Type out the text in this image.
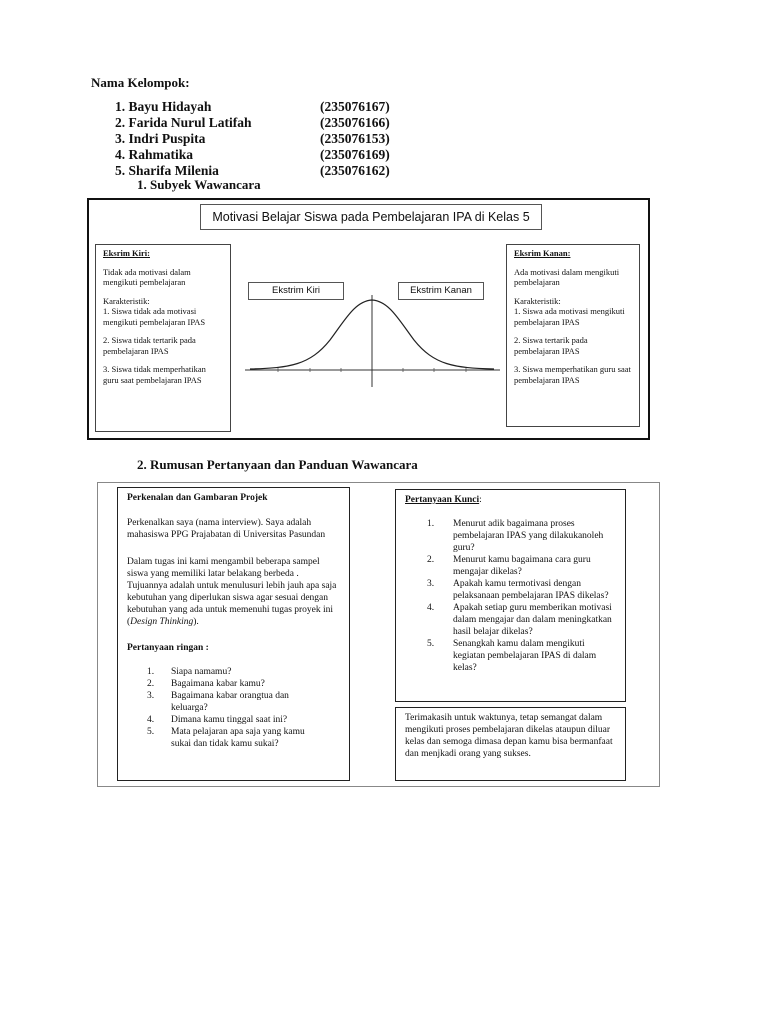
Nama Kelompok:
1. Bayu Hidayah	(235076167)
2. Farida Nurul Latifah	(235076166)
3. Indri Puspita	(235076153)
4. Rahmatika	(235076169)
5. Sharifa Milenia	(235076162)
1. Subyek Wawancara
Motivasi Belajar Siswa pada Pembelajaran IPA di Kelas 5

Eksrim Kiri:

Tidak ada motivasi dalam mengikuti pembelajaran

Karakteristik:

1. Siswa tidak ada motivasi mengikuti pembelajaran IPAS

2. Siswa tidak tertarik pada pembelajaran IPAS

3. Siswa tidak memperhatikan guru saat pembelajaran IPAS

Eksrim Kanan:

Ada motivasi dalam mengikuti pembelajaran

Karakteristik:

1. Siswa ada motivasi mengikuti pembelajaran IPAS

2. Siswa tertarik pada pembelajaran IPAS

3. Siswa memperhatikan guru saat pembelajaran IPAS

Ekstrim Kiri	Ekstrim Kanan
2. Rumusan Pertanyaan dan Panduan Wawancara
Perkenalan dan Gambaran Projek
Perkenalkan saya (nama interview). Saya adalah mahasiswa PPG Prajabatan di Universitas Pasundan
Dalam tugas ini kami mengambil beberapa sampel siswa yang memiliki latar belakang berbeda . Tujuannya adalah untuk menulusuri lebih jauh apa saja kebutuhan yang diperlukan siswa agar sesuai dengan kebutuhan yang ada untuk memenuhi tugas proyek ini (Design Thinking).
Pertanyaan ringan :
1.	Siapa namamu?
2.	Bagaimana kabar kamu?
3.	Bagaimana kabar orangtua dan keluarga?
4.	Dimana kamu tinggal saat ini?
5.	Mata pelajaran apa saja yang kamu sukai dan tidak kamu sukai?
Pertanyaan Kunci:
1.	Menurut adik bagaimana proses pembelajaran IPAS yang dilakukanoleh guru?
2.	Menurut kamu bagaimana cara guru mengajar dikelas?
3.	Apakah kamu termotivasi dengan pelaksanaan pembelajaran IPAS dikelas?
4.	Apakah setiap guru memberikan motivasi dalam mengajar dan dalam meningkatkan hasil belajar dikelas?
5.	Senangkah kamu dalam mengikuti kegiatan pembelajaran IPAS di dalam kelas?
Terimakasih untuk waktunya, tetap semangat dalam mengikuti proses pembelajaran dikelas ataupun diluar kelas dan semoga dimasa depan kamu bisa bermanfaat dan menjkadi orang yang sukses.
